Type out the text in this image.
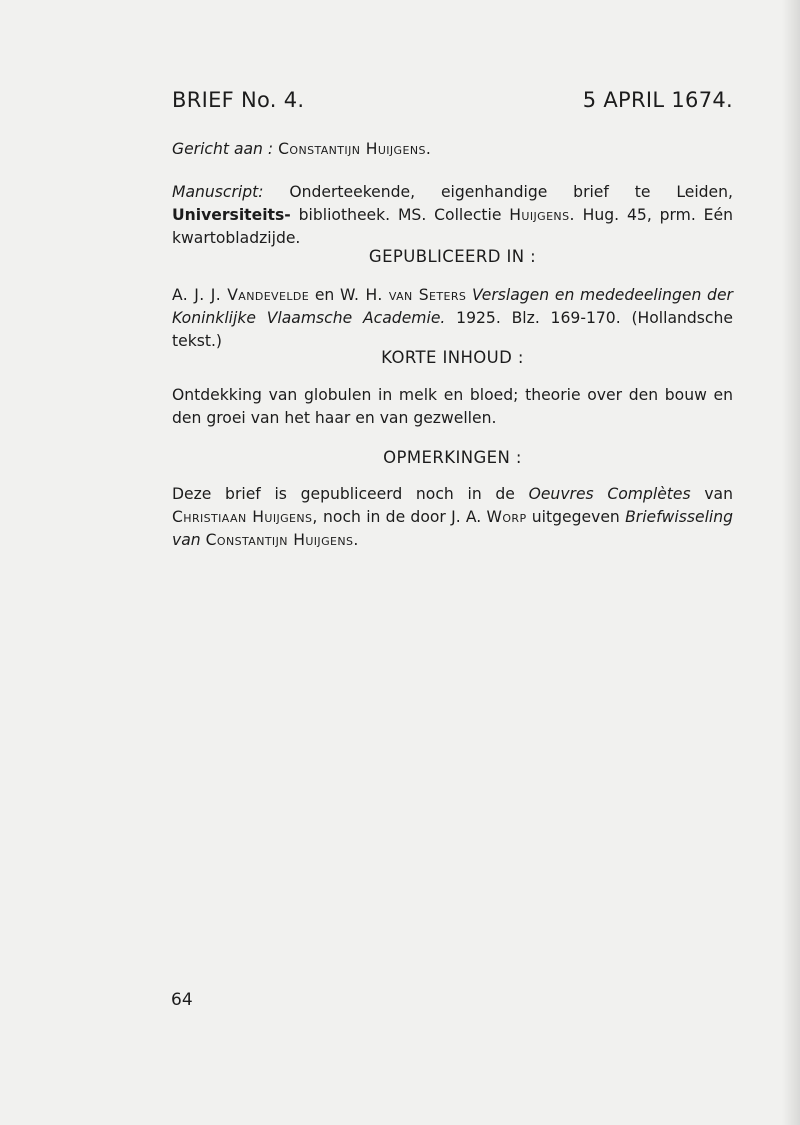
BRIEF No. 4.	5 APRIL 1674.
Gericht aan : Constantijn Huijgens.
Manuscript: Onderteekende, eigenhandige brief te Leiden, Universiteits- bibliotheek. MS. Collectie Huijgens. Hug. 45, prm. Eén kwartobladzijde.
GEPUBLICEERD IN :
A. J. J. Vandevelde en W. H. van Seters Verslagen en mededeelingen der Koninklijke Vlaamsche Academie. 1925. Blz. 169-170. (Hollandsche tekst.)
KORTE INHOUD :
Ontdekking van globulen in melk en bloed; theorie over den bouw en den groei van het haar en van gezwellen.
OPMERKINGEN :
Deze brief is gepubliceerd noch in de Oeuvres Complètes van Christiaan Huijgens, noch in de door J. A. Worp uitgegeven Briefwisseling van Constantijn Huijgens.
64
